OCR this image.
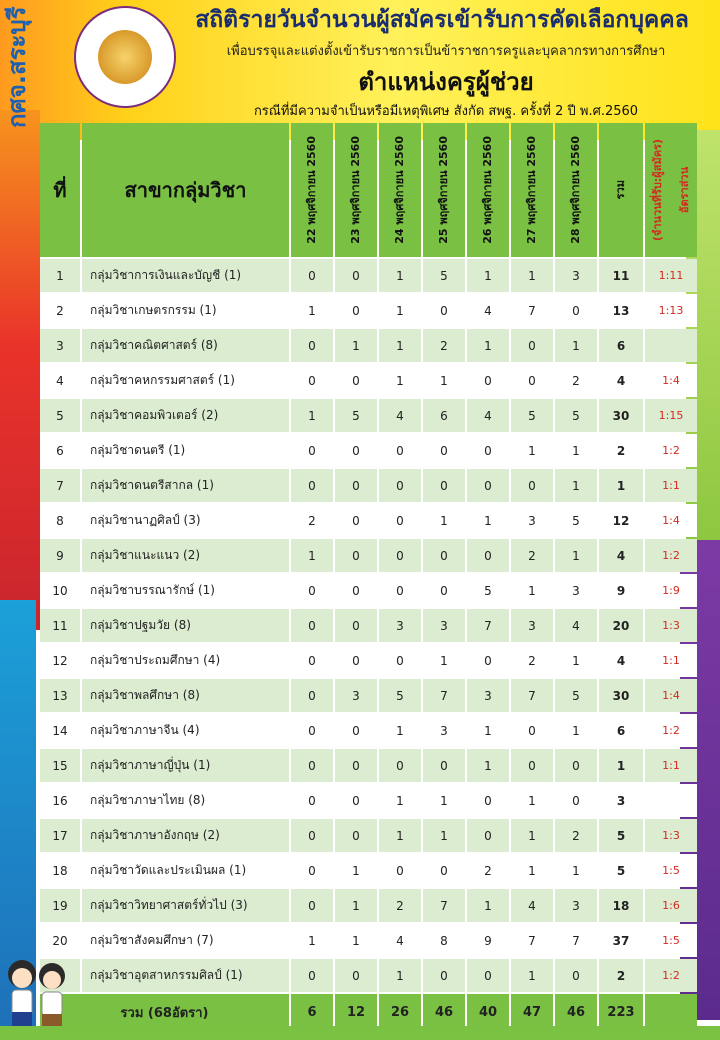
กศจ.สระบุรี	สถิติรายวันจำนวนผู้สมัครเข้ารับการคัดเลือกบุคคล
เพื่อบรรจุและแต่งตั้งเข้ารับราชการเป็นข้าราชการครูและบุคลากรทางการศึกษา
ตำแหน่งครูผู้ช่วย
กรณีที่มีความจำเป็นหรือมีเหตุพิเศษ สังกัด สพฐ. ครั้งที่ 2 ปี พ.ศ.2560
ที่	สาขากลุ่มวิชา	22 พฤศจิกายน 2560	23 พฤศจิกายน 2560	24 พฤศจิกายน 2560	25 พฤศจิกายน 2560	26 พฤศจิกายน 2560	27 พฤศจิกายน 2560	28 พฤศจิกายน 2560	รวม	(จำนวนที่รับ:ผู้สมัคร) อัตราส่วน

1	กลุ่มวิชาการเงินและบัญชี (1)	0	0	1	5	1	1	3	11	1:11
2	กลุ่มวิชาเกษตรกรรม (1)	1	0	1	0	4	7	0	13	1:13
3	กลุ่มวิชาคณิตศาสตร์ (8)	0	1	1	2	1	0	1	6	
4	กลุ่มวิชาคหกรรมศาสตร์ (1)	0	0	1	1	0	0	2	4	1:4
5	กลุ่มวิชาคอมพิวเตอร์ (2)	1	5	4	6	4	5	5	30	1:15
6	กลุ่มวิชาดนตรี (1)	0	0	0	0	0	1	1	2	1:2
7	กลุ่มวิชาดนตรีสากล (1)	0	0	0	0	0	0	1	1	1:1
8	กลุ่มวิชานาฏศิลป์ (3)	2	0	0	1	1	3	5	12	1:4
9	กลุ่มวิชาแนะแนว (2)	1	0	0	0	0	2	1	4	1:2
10	กลุ่มวิชาบรรณารักษ์ (1)	0	0	0	0	5	1	3	9	1:9
11	กลุ่มวิชาปฐมวัย (8)	0	0	3	3	7	3	4	20	1:3
12	กลุ่มวิชาประถมศึกษา (4)	0	0	0	1	0	2	1	4	1:1
13	กลุ่มวิชาพลศึกษา (8)	0	3	5	7	3	7	5	30	1:4
14	กลุ่มวิชาภาษาจีน (4)	0	0	1	3	1	0	1	6	1:2
15	กลุ่มวิชาภาษาญี่ปุ่น (1)	0	0	0	0	1	0	0	1	1:1
16	กลุ่มวิชาภาษาไทย (8)	0	0	1	1	0	1	0	3	
17	กลุ่มวิชาภาษาอังกฤษ (2)	0	0	1	1	0	1	2	5	1:3
18	กลุ่มวิชาวัดและประเมินผล (1)	0	1	0	0	2	1	1	5	1:5
19	กลุ่มวิชาวิทยาศาสตร์ทั่วไป (3)	0	1	2	7	1	4	3	18	1:6
20	กลุ่มวิชาสังคมศึกษา (7)	1	1	4	8	9	7	7	37	1:5
	กลุ่มวิชาอุตสาหกรรมศิลป์ (1)	0	0	1	0	0	1	0	2	1:2
รวม (68อัตรา)		6	12	26	46	40	47	46	223	
